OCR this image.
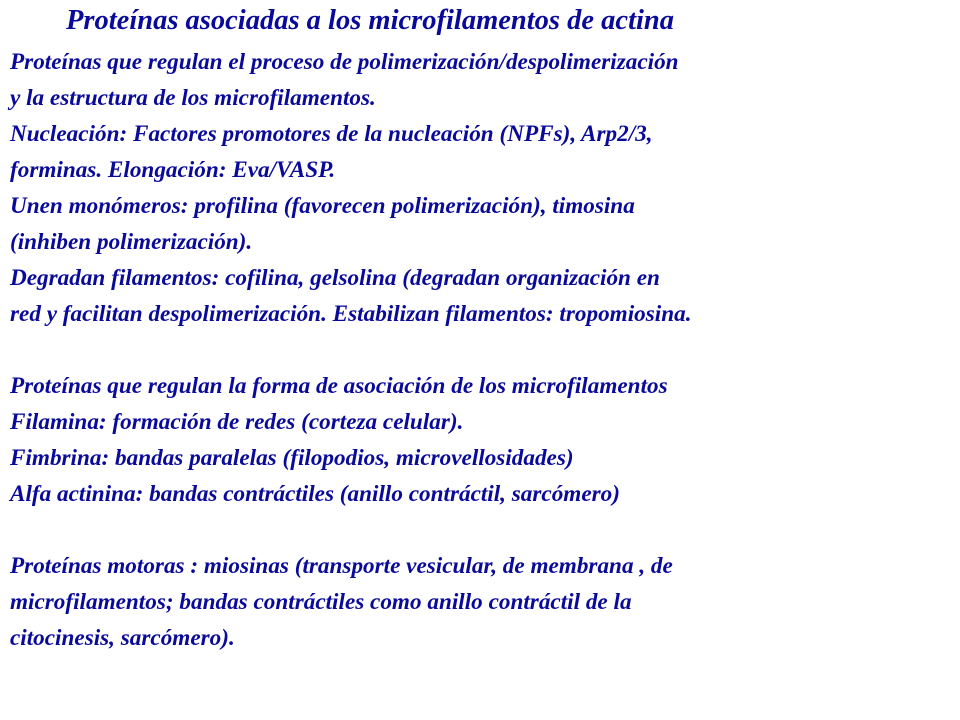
Proteínas asociadas a los microfilamentos de actina
Proteínas que regulan el proceso de polimerización/despolimerización
y la estructura de los microfilamentos.
Nucleación: Factores promotores de la nucleación (NPFs), Arp2/3,
forminas. Elongación: Eva/VASP.
Unen monómeros: profilina (favorecen polimerización), timosina
(inhiben polimerización).
Degradan filamentos: cofilina, gelsolina (degradan organización en
red y facilitan despolimerización. Estabilizan filamentos: tropomiosina.
Proteínas que regulan la forma de asociación de los microfilamentos
Filamina: formación de redes (corteza celular).
Fimbrina: bandas paralelas (filopodios, microvellosidades)
Alfa actinina: bandas contráctiles (anillo contráctil, sarcómero)
Proteínas motoras : miosinas (transporte vesicular, de membrana , de
microfilamentos; bandas contráctiles como anillo contráctil de la
citocinesis, sarcómero).
